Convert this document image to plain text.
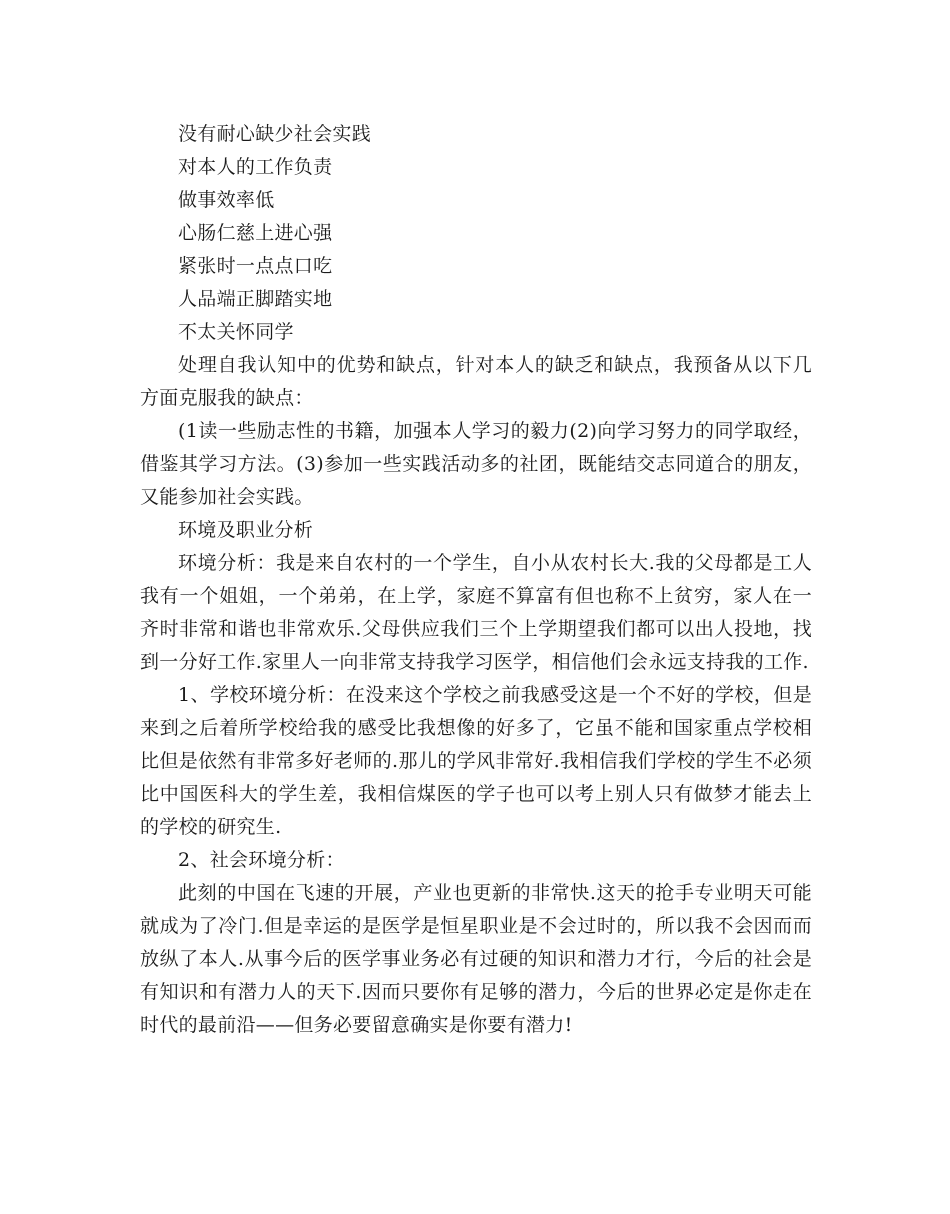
没有耐心缺少社会实践

对本人的工作负责

做事效率低

心肠仁慈上进心强

紧张时一点点口吃

人品端正脚踏实地

不太关怀同学

处理自我认知中的优势和缺点，针对本人的缺乏和缺点，我预备从以下几方面克服我的缺点：

(1读一些励志性的书籍，加强本人学习的毅力(2)向学习努力的同学取经，借鉴其学习方法。(3)参加一些实践活动多的社团，既能结交志同道合的朋友，又能参加社会实践。

环境及职业分析

环境分析：我是来自农村的一个学生，自小从农村长大.我的父母都是工人我有一个姐姐，一个弟弟，在上学，家庭不算富有但也称不上贫穷，家人在一齐时非常和谐也非常欢乐.父母供应我们三个上学期望我们都可以出人投地，找到一分好工作.家里人一向非常支持我学习医学，相信他们会永远支持我的工作.

1、学校环境分析：在没来这个学校之前我感受这是一个不好的学校，但是来到之后着所学校给我的感受比我想像的好多了，它虽不能和国家重点学校相比但是依然有非常多好老师的.那儿的学风非常好.我相信我们学校的学生不必须比中国医科大的学生差，我相信煤医的学子也可以考上别人只有做梦才能去上的学校的研究生.

2、社会环境分析：

此刻的中国在飞速的开展，产业也更新的非常快.这天的抢手专业明天可能就成为了冷门.但是幸运的是医学是恒星职业是不会过时的，所以我不会因而而放纵了本人.从事今后的医学事业务必有过硬的知识和潜力才行，今后的社会是有知识和有潜力人的天下.因而只要你有足够的潜力，今后的世界必定是你走在时代的最前沿——但务必要留意确实是你要有潜力!
